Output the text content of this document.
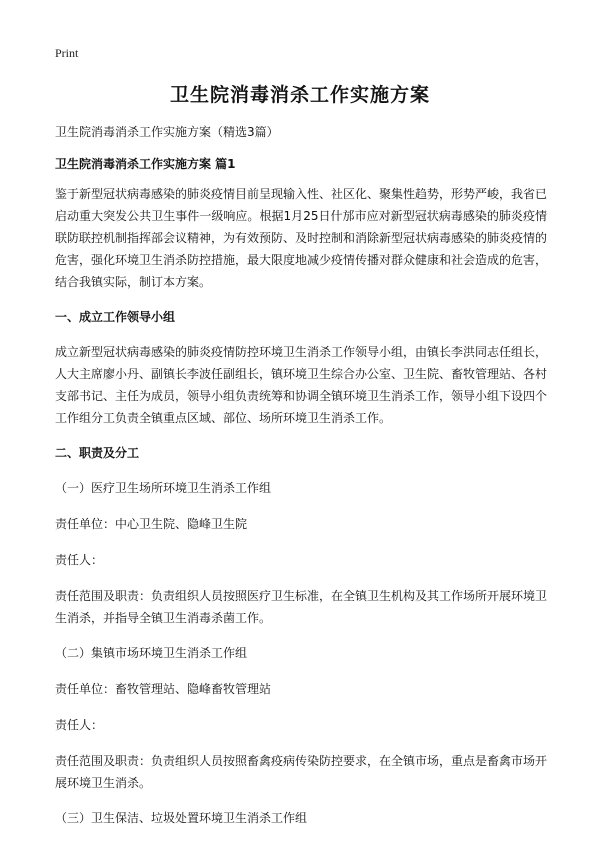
Print
卫生院消毒消杀工作实施方案

卫生院消毒消杀工作实施方案（精选3篇）

卫生院消毒消杀工作实施方案 篇1

鉴于新型冠状病毒感染的肺炎疫情目前呈现输入性、社区化、聚集性趋势，形势严峻，我省已启动重大突发公共卫生事件一级响应。根据1月25日什邡市应对新型冠状病毒感染的肺炎疫情联防联控机制指挥部会议精神，为有效预防、及时控制和消除新型冠状病毒感染的肺炎疫情的危害，强化环境卫生消杀防控措施，最大限度地减少疫情传播对群众健康和社会造成的危害，结合我镇实际，制订本方案。

一、成立工作领导小组

成立新型冠状病毒感染的肺炎疫情防控环境卫生消杀工作领导小组，由镇长李洪同志任组长，人大主席廖小丹、副镇长李波任副组长，镇环境卫生综合办公室、卫生院、畜牧管理站、各村支部书记、主任为成员，领导小组负责统筹和协调全镇环境卫生消杀工作，领导小组下设四个工作组分工负责全镇重点区域、部位、场所环境卫生消杀工作。

二、职责及分工

（一）医疗卫生场所环境卫生消杀工作组

责任单位：中心卫生院、隐峰卫生院

责任人：

责任范围及职责：负责组织人员按照医疗卫生标准，在全镇卫生机构及其工作场所开展环境卫生消杀，并指导全镇卫生消毒杀菌工作。

（二）集镇市场环境卫生消杀工作组

责任单位：畜牧管理站、隐峰畜牧管理站

责任人：

责任范围及职责：负责组织人员按照畜禽疫病传染防控要求，在全镇市场，重点是畜禽市场开展环境卫生消杀。

（三）卫生保洁、垃圾处置环境卫生消杀工作组
